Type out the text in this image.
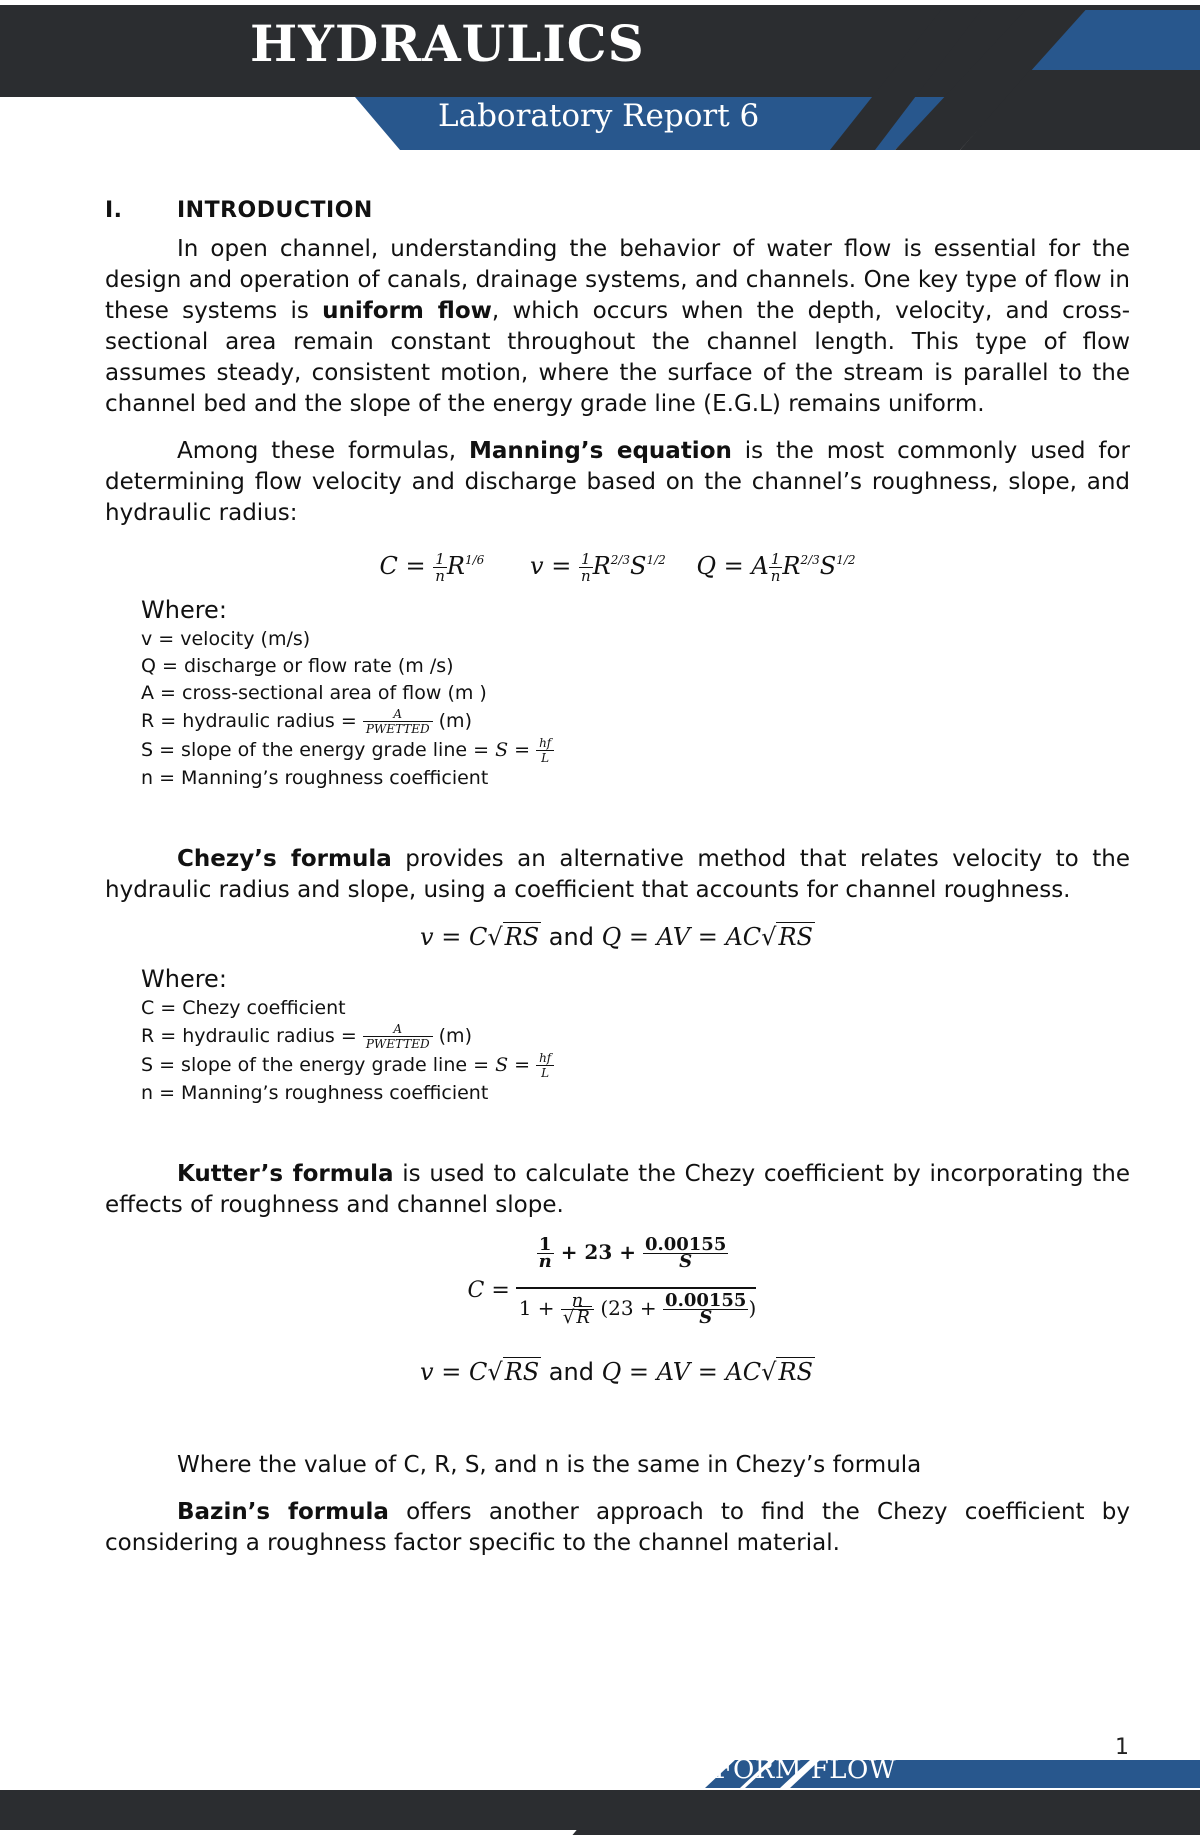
HYDRAULICS
Laboratory Report 6
I. INTRODUCTION

In open channel, understanding the behavior of water flow is essential for the design and operation of canals, drainage systems, and channels. One key type of flow in these systems is uniform flow, which occurs when the depth, velocity, and cross-sectional area remain constant throughout the channel length. This type of flow assumes steady, consistent motion, where the surface of the stream is parallel to the channel bed and the slope of the energy grade line (E.G.L) remains uniform.

Among these formulas, Manning’s equation is the most commonly used for determining flow velocity and discharge based on the channel’s roughness, slope, and hydraulic radius:

$C = \frac{1}{n} R^{1/6}$ $v = \frac{1}{n} R^{2/3}S^{1/2}$ Q = A $\frac{1}{n} R^{2/3}S^{1/2}$
Where:
v = velocity (m/s)
Q = discharge or flow rate (m /s)
A = cross-sectional area of flow (m )
R = hydraulic radius = $\frac{A}{\text{PWETTED}} (m)$
S = slope of the energy grade line = $S = \frac{hf}{L}$
n = Manning’s roughness coefficient

Chezy’s formula provides an alternative method that relates velocity to the hydraulic radius and slope, using a coefficient that accounts for channel roughness.

v = C√RS and Q = AV = AC√RS
Where:
C = Chezy coefficient
R = hydraulic radius = $\frac{A}{\text{PWETTED}} (m)$
S = slope of the energy grade line = $S = \frac{hf}{L}$
n = Manning’s roughness coefficient

Kutter’s formula is used to calculate the Chezy coefficient by incorporating the effects of roughness and channel slope.

C =
$\frac{1}{n} + 23 + \frac{0.00155}{S}$
$1 + \frac{n}{√ R} (23 + \frac{0.00155}{S}$ )
v = C√RS and Q = AV = AC√RS

Where the value of C, R, S, and n is the same in Chezy’s formula

Bazin’s formula offers another approach to find the Chezy coefficient by considering a roughness factor specific to the channel material.

UNIFORM FLOW
1
